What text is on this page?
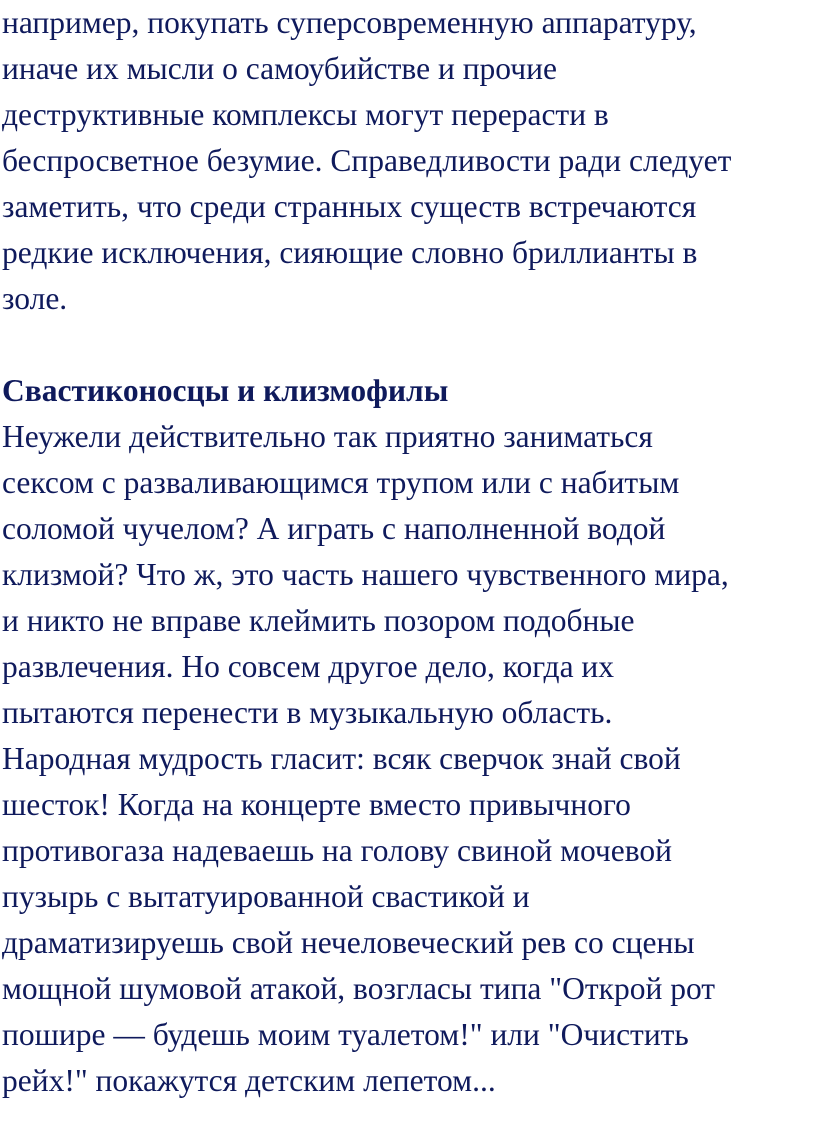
например, покупать суперсовременную аппаратуру,
иначе их мысли о самоубийстве и прочие
деструктивные комплексы могут перерасти в
беспросветное безумие. Справедливости ради следует
заметить, что среди странных существ встречаются
редкие исключения, сияющие словно бриллианты в
золе.
Свастиконосцы и клизмофилы
Неужели действительно так приятно заниматься
сексом с разваливающимся трупом или с набитым
соломой чучелом? А играть с наполненной водой
клизмой? Что ж, это часть нашего чувственного мира,
и никто не вправе клеймить позором подобные
развлечения. Но совсем другое дело, когда их
пытаются перенести в музыкальную область.
Народная мудрость гласит: всяк сверчок знай свой
шесток! Когда на концерте вместо привычного
противогаза надеваешь на голову свиной мочевой
пузырь с вытатуированной свастикой и
драматизируешь свой нечеловеческий рев со сцены
мощной шумовой атакой, возгласы типа "Открой рот
пошире — будешь моим туалетом!" или "Очистить
рейх!" покажутся детским лепетом...
